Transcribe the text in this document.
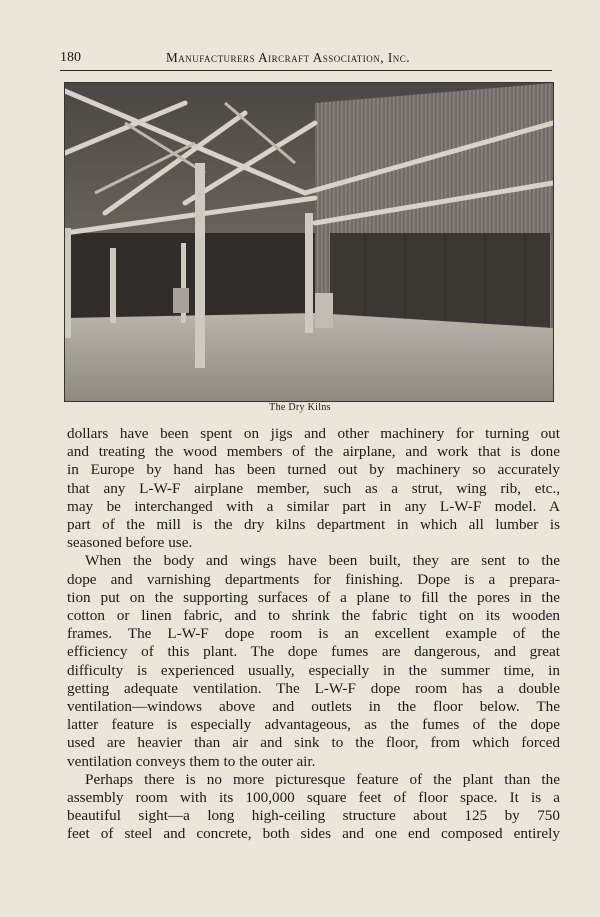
180	Manufacturers Aircraft Association, Inc.
The Dry Kilns

dollars have been spent on jigs and other machinery for turning out
and treating the wood members of the airplane, and work that is done
in Europe by hand has been turned out by machinery so accurately
that any L-W-F airplane member, such as a strut, wing rib, etc.,
may be interchanged with a similar part in any L-W-F model. A
part of the mill is the dry kilns department in which all lumber is
seasoned before use.

When the body and wings have been built, they are sent to the
dope and varnishing departments for finishing. Dope is a prepara-
tion put on the supporting surfaces of a plane to fill the pores in the
cotton or linen fabric, and to shrink the fabric tight on its wooden
frames. The L-W-F dope room is an excellent example of the
efficiency of this plant. The dope fumes are dangerous, and great
difficulty is experienced usually, especially in the summer time, in
getting adequate ventilation. The L-W-F dope room has a double
ventilation—windows above and outlets in the floor below. The
latter feature is especially advantageous, as the fumes of the dope
used are heavier than air and sink to the floor, from which forced
ventilation conveys them to the outer air.

Perhaps there is no more picturesque feature of the plant than the
assembly room with its 100,000 square feet of floor space. It is a
beautiful sight—a long high-ceiling structure about 125 by 750
feet of steel and concrete, both sides and one end composed entirely
